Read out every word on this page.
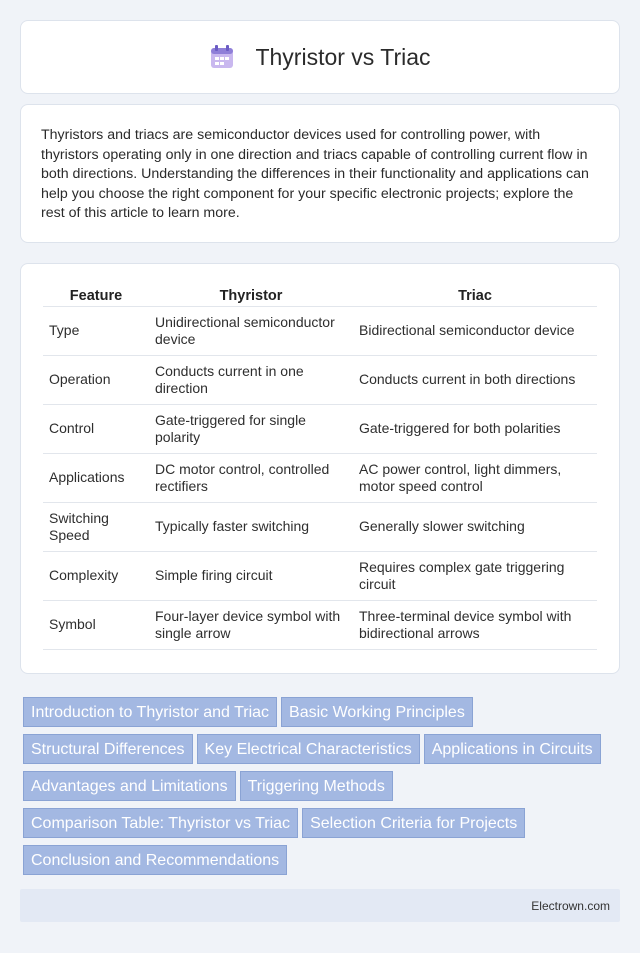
Thyristor vs Triac

Thyristors and triacs are semiconductor devices used for controlling power, with thyristors operating only in one direction and triacs capable of controlling current flow in both directions. Understanding the differences in their functionality and applications can help you choose the right component for your specific electronic projects; explore the rest of this article to learn more.

Feature	Thyristor	Triac
Type	Unidirectional semiconductor device	Bidirectional semiconductor device
Operation	Conducts current in one direction	Conducts current in both directions
Control	Gate-triggered for single polarity	Gate-triggered for both polarities
Applications	DC motor control, controlled rectifiers	AC power control, light dimmers, motor speed control
Switching Speed	Typically faster switching	Generally slower switching
Complexity	Simple firing circuit	Requires complex gate triggering circuit
Symbol	Four-layer device symbol with single arrow	Three-terminal device symbol with bidirectional arrows
Introduction to Thyristor and Triac Basic Working Principles
Structural Differences Key Electrical Characteristics Applications in Circuits
Advantages and Limitations Triggering Methods
Comparison Table: Thyristor vs Triac Selection Criteria for Projects
Conclusion and Recommendations
Electrown.com
